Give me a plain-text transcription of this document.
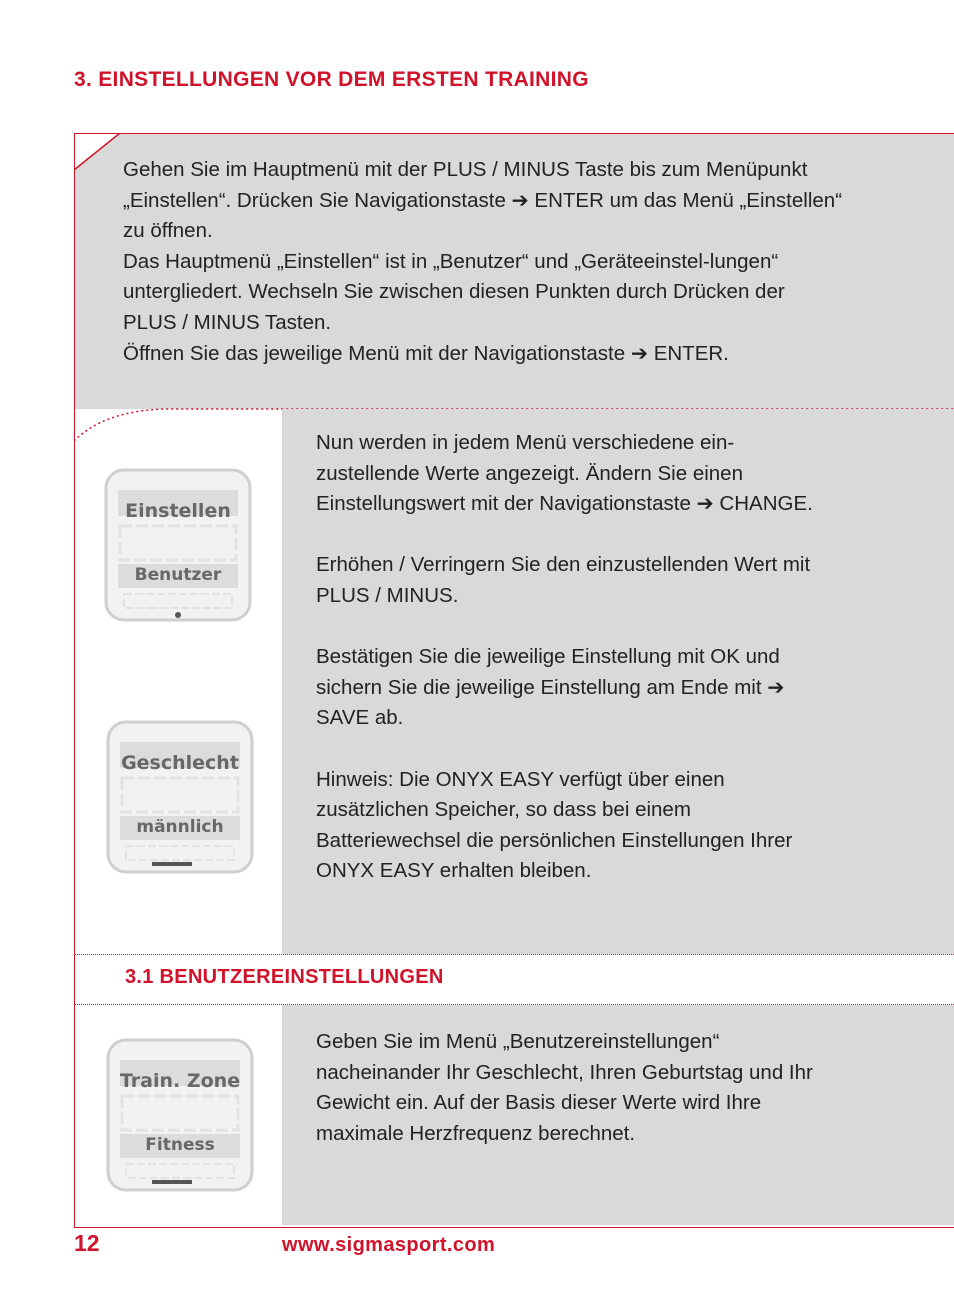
3. EINSTELLUNGEN VOR DEM ERSTEN TRAINING

Gehen Sie im Hauptmenü mit der PLUS / MINUS Taste bis zum Menüpunkt „Einstellen“. Drücken Sie Navigationstaste ➔ ENTER um das Menü „Einstellen“ zu öffnen.

Das Hauptmenü „Einstellen“ ist in „Benutzer“ und „Geräteeinstel-lungen“ untergliedert. Wechseln Sie zwischen diesen Punkten durch Drücken der PLUS / MINUS Tasten.

Öffnen Sie das jeweilige Menü mit der Navigationstaste ➔ ENTER.

Nun werden in jedem Menü verschiedene ein-zustellende Werte angezeigt. Ändern Sie einen Einstellungswert mit der Navigationstaste ➔ CHANGE.

Erhöhen / Verringern Sie den einzustellenden Wert mit PLUS / MINUS.

Bestätigen Sie die jeweilige Einstellung mit OK und sichern Sie die jeweilige Einstellung am Ende mit ➔ SAVE ab.

Hinweis: Die ONYX EASY verfügt über einen zusätzlichen Speicher, so dass bei einem Batteriewechsel die persönlichen Einstellungen Ihrer ONYX EASY erhalten bleiben.

Einstellen
Benutzer
Geschlecht
männlich
3.1 BENUTZEREINSTELLUNGEN
Train. Zone
Fitness

Geben Sie im Menü „Benutzereinstellungen“ nacheinander Ihr Geschlecht, Ihren Geburtstag und Ihr Gewicht ein. Auf der Basis dieser Werte wird Ihre maximale Herzfrequenz berechnet.

12	www.sigmasport.com
